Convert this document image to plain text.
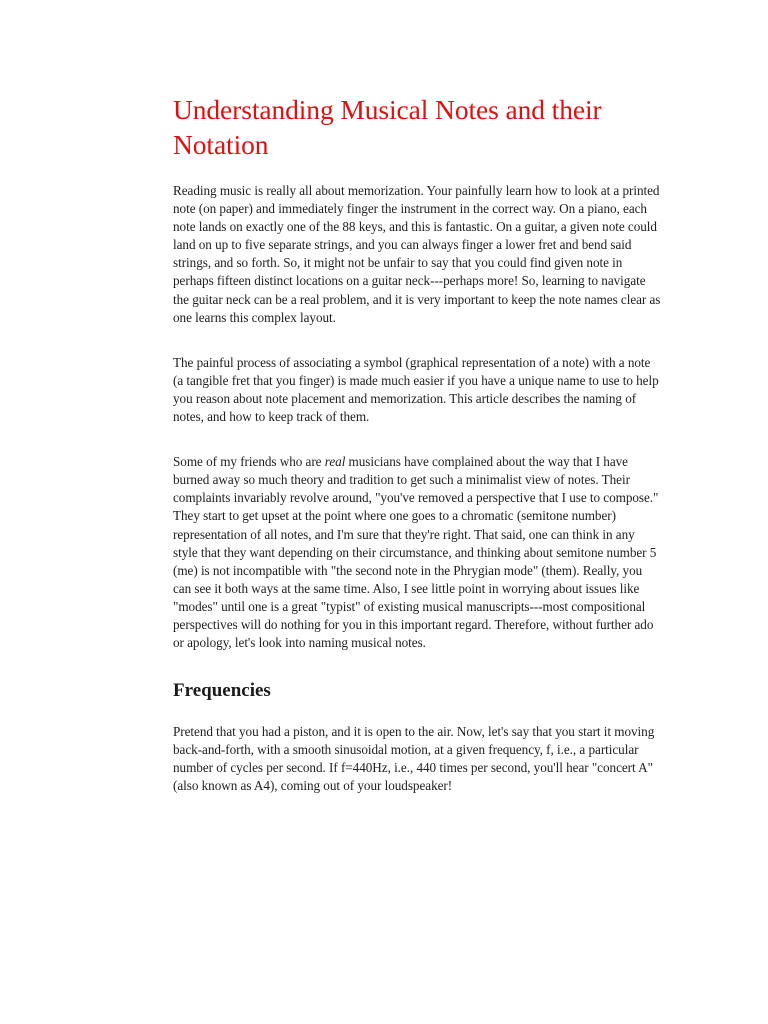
Understanding Musical Notes and their Notation

Reading music is really all about memorization. Your painfully learn how to look at a printed note (on paper) and immediately finger the instrument in the correct way. On a piano, each note lands on exactly one of the 88 keys, and this is fantastic. On a guitar, a given note could land on up to five separate strings, and you can always finger a lower fret and bend said strings, and so forth. So, it might not be unfair to say that you could find given note in perhaps fifteen distinct locations on a guitar neck---perhaps more! So, learning to navigate the guitar neck can be a real problem, and it is very important to keep the note names clear as one learns this complex layout.

The painful process of associating a symbol (graphical representation of a note) with a note (a tangible fret that you finger) is made much easier if you have a unique name to use to help you reason about note placement and memorization. This article describes the naming of notes, and how to keep track of them.

Some of my friends who are real musicians have complained about the way that I have burned away so much theory and tradition to get such a minimalist view of notes. Their complaints invariably revolve around, "you've removed a perspective that I use to compose." They start to get upset at the point where one goes to a chromatic (semitone number) representation of all notes, and I'm sure that they're right. That said, one can think in any style that they want depending on their circumstance, and thinking about semitone number 5 (me) is not incompatible with "the second note in the Phrygian mode" (them). Really, you can see it both ways at the same time. Also, I see little point in worrying about issues like "modes" until one is a great "typist" of existing musical manuscripts---most compositional perspectives will do nothing for you in this important regard. Therefore, without further ado or apology, let's look into naming musical notes.

Frequencies

Pretend that you had a piston, and it is open to the air. Now, let's say that you start it moving back-and-forth, with a smooth sinusoidal motion, at a given frequency, f, i.e., a particular number of cycles per second. If f=440Hz, i.e., 440 times per second, you'll hear "concert A" (also known as A4), coming out of your loudspeaker!
